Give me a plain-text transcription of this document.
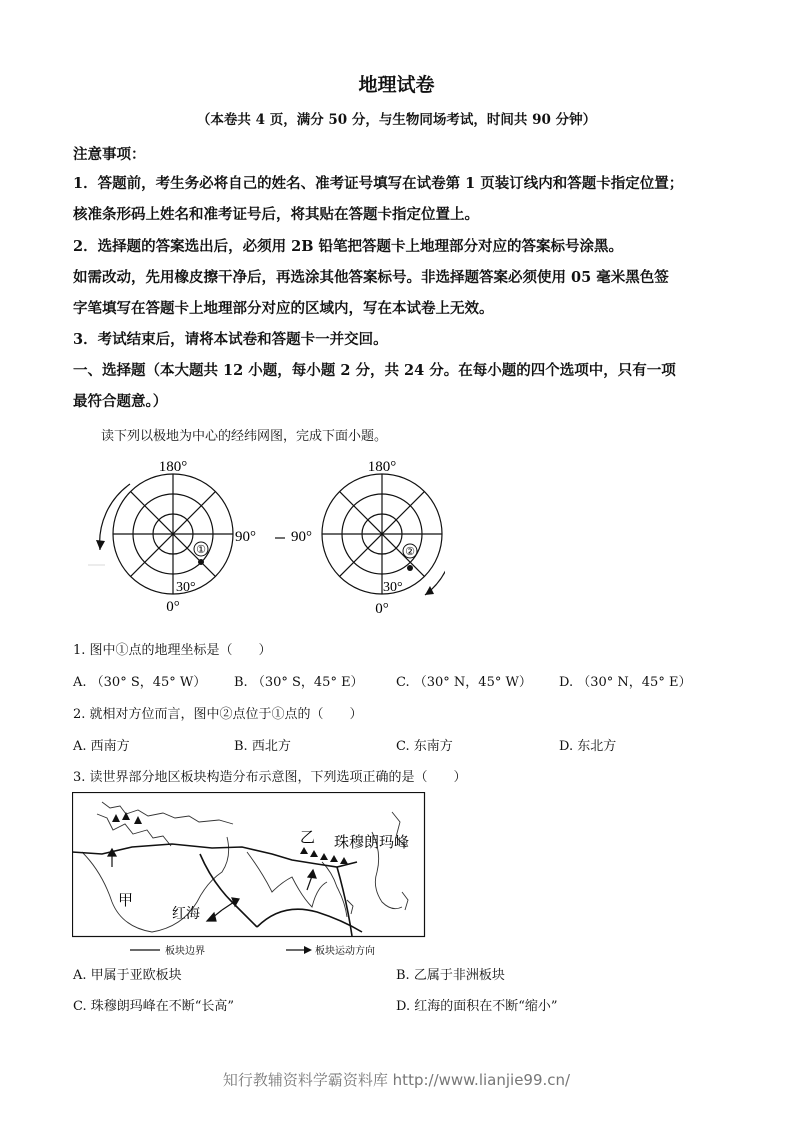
地理试卷
（本卷共 4 页，满分 50 分，与生物同场考试，时间共 90 分钟）
注意事项：
1．答题前，考生务必将自己的姓名、准考证号填写在试卷第 1 页装订线内和答题卡指定位置；
核准条形码上姓名和准考证号后，将其贴在答题卡指定位置上。
2．选择题的答案选出后，必须用 2B 铅笔把答题卡上地理部分对应的答案标号涂黑。
如需改动，先用橡皮擦干净后，再选涂其他答案标号。非选择题答案必须使用 05 毫米黑色签
字笔填写在答题卡上地理部分对应的区域内，写在本试卷上无效。
3．考试结束后，请将本试卷和答题卡一并交回。
一、选择题（本大题共 12 小题，每小题 2 分，共 24 分。在每小题的四个选项中，只有一项
最符合题意。）
读下列以极地为中心的经纬网图，完成下面小题。
①
180°
90°
30°
0°
②
180°
90°
30°
0°
1. 图中①点的地理坐标是（　　）
A. （30° S，45° W） B. （30° S，45° E） C. （30° N，45° W） D. （30° N，45° E）
2. 就相对方位而言，图中②点位于①点的（　　）
A. 西南方	B. 西北方	C. 东南方	D. 东北方
3. 读世界部分地区板块构造分布示意图，下列选项正确的是（　　）
甲
乙 珠穆朗玛峰
红海
板块边界	板块运动方向
A. 甲属于亚欧板块	B. 乙属于非洲板块
C. 珠穆朗玛峰在不断“长高”	D. 红海的面积在不断“缩小”
知行教辅资料学霸资料库 http://www.lianjie99.cn/
